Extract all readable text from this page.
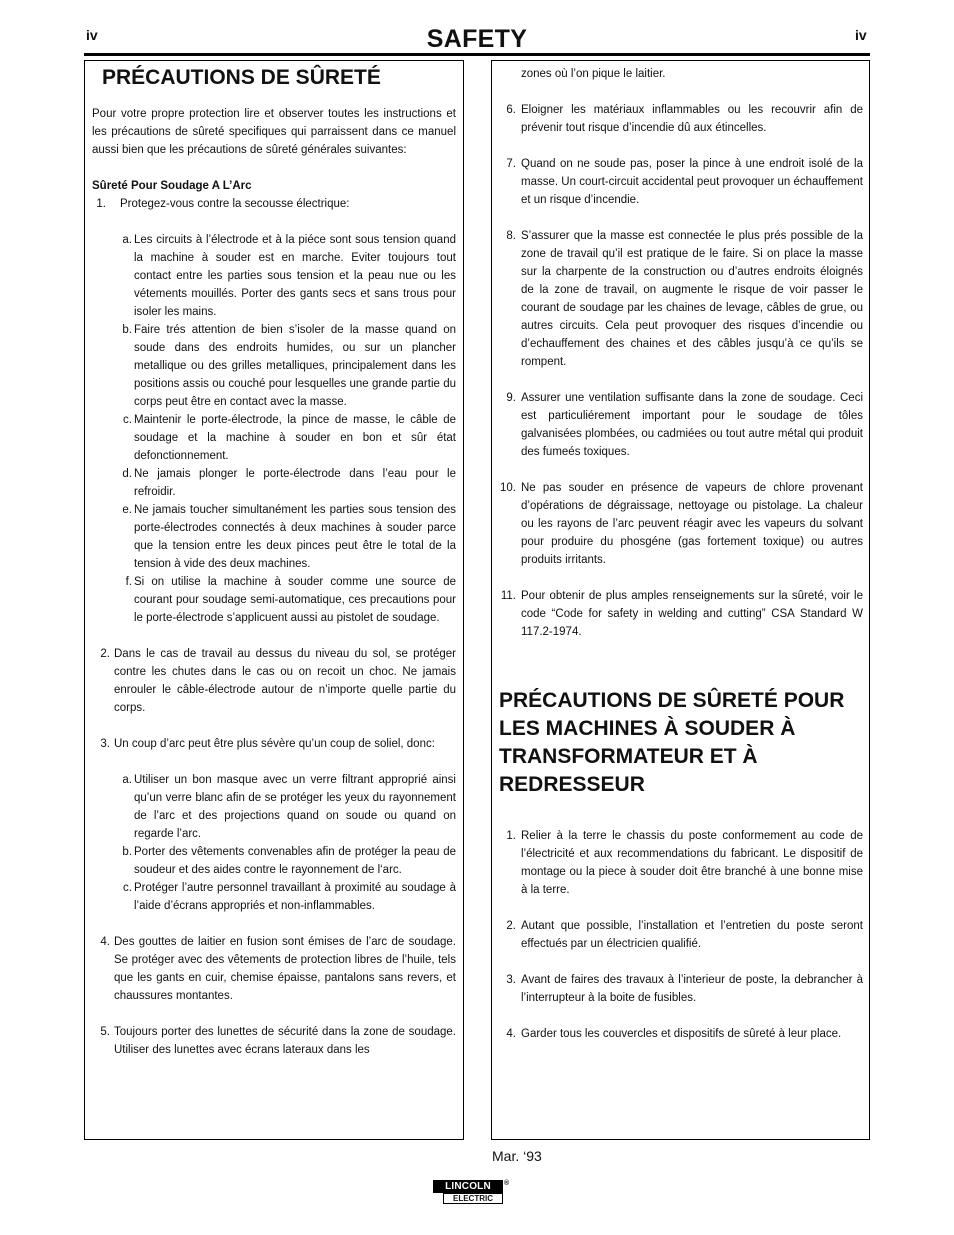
iv	SAFETY	iv
PRÉCAUTIONS DE SÛRETÉ

Pour votre propre protection lire et observer toutes les instructions et les précautions de sûreté specifiques qui parraissent dans ce manuel aussi bien que les précautions de sûreté générales suivantes:

Sûreté Pour Soudage A L’Arc

1. Protegez-vous contre la secousse électrique:
a. Les circuits à l’électrode et à la piéce sont sous tension quand la machine à souder est en marche. Eviter toujours tout contact entre les parties sous tension et la peau nue ou les vétements mouillés. Porter des gants secs et sans trous pour isoler les mains.
b. Faire trés attention de bien s’isoler de la masse quand on soude dans des endroits humides, ou sur un plancher metallique ou des grilles metalliques, principalement dans les positions assis ou couché pour lesquelles une grande partie du corps peut être en contact avec la masse.
c. Maintenir le porte-électrode, la pince de masse, le câble de soudage et la machine à souder en bon et sûr état defonctionnement.
d. Ne jamais plonger le porte-électrode dans l’eau pour le refroidir.
e. Ne jamais toucher simultanément les parties sous tension des porte-électrodes connectés à deux machines à souder parce que la tension entre les deux pinces peut être le total de la tension à vide des deux machines.
f. Si on utilise la machine à souder comme une source de courant pour soudage semi-automatique, ces precautions pour le porte-électrode s’applicuent aussi au pistolet de soudage.
2. Dans le cas de travail au dessus du niveau du sol, se protéger contre les chutes dans le cas ou on recoit un choc. Ne jamais enrouler le câble-électrode autour de n’importe quelle partie du corps.
3. Un coup d’arc peut être plus sévère qu’un coup de soliel, donc:
a. Utiliser un bon masque avec un verre filtrant approprié ainsi qu’un verre blanc afin de se protéger les yeux du rayonnement de l’arc et des projections quand on soude ou quand on regarde l’arc.
b. Porter des vêtements convenables afin de protéger la peau de soudeur et des aides contre le rayonnement de l‘arc.
c. Protéger l’autre personnel travaillant à proximité au soudage à l’aide d’écrans appropriés et non-inflammables.
4. Des gouttes de laitier en fusion sont émises de l’arc de soudage. Se protéger avec des vêtements de protection libres de l’huile, tels que les gants en cuir, chemise épaisse, pantalons sans revers, et chaussures montantes.
5. Toujours porter des lunettes de sécurité dans la zone de soudage. Utiliser des lunettes avec écrans lateraux dans les

zones où l’on pique le laitier.

6. Eloigner les matériaux inflammables ou les recouvrir afin de prévenir tout risque d’incendie dû aux étincelles.
7. Quand on ne soude pas, poser la pince à une endroit isolé de la masse. Un court-circuit accidental peut provoquer un échauffement et un risque d’incendie.
8. S’assurer que la masse est connectée le plus prés possible de la zone de travail qu’il est pratique de le faire. Si on place la masse sur la charpente de la construction ou d’autres endroits éloignés de la zone de travail, on augmente le risque de voir passer le courant de soudage par les chaines de levage, câbles de grue, ou autres circuits. Cela peut provoquer des risques d’incendie ou d’echauffement des chaines et des câbles jusqu’à ce qu’ils se rompent.
9. Assurer une ventilation suffisante dans la zone de soudage. Ceci est particuliérement important pour le soudage de tôles galvanisées plombées, ou cadmiées ou tout autre métal qui produit des fumeés toxiques.
10. Ne pas souder en présence de vapeurs de chlore provenant d’opérations de dégraissage, nettoyage ou pistolage. La chaleur ou les rayons de l’arc peuvent réagir avec les vapeurs du solvant pour produire du phosgéne (gas fortement toxique) ou autres produits irritants.
11. Pour obtenir de plus amples renseignements sur la sûreté, voir le code “Code for safety in welding and cutting” CSA Standard W 117.2-1974.
PRÉCAUTIONS DE SÛRETÉ POUR LES MACHINES À SOUDER À TRANSFORMATEUR ET À REDRESSEUR
1. Relier à la terre le chassis du poste conformement au code de l’électricité et aux recommendations du fabricant. Le dispositif de montage ou la piece à souder doit être branché à une bonne mise à la terre.
2. Autant que possible, l’installation et l’entretien du poste seront effectués par un électricien qualifié.
3. Avant de faires des travaux à l’interieur de poste, la debrancher à l’interrupteur à la boite de fusibles.
4. Garder tous les couvercles et dispositifs de sûreté à leur place.
Mar. ‘93
LINCOLN
ELECTRIC
®
